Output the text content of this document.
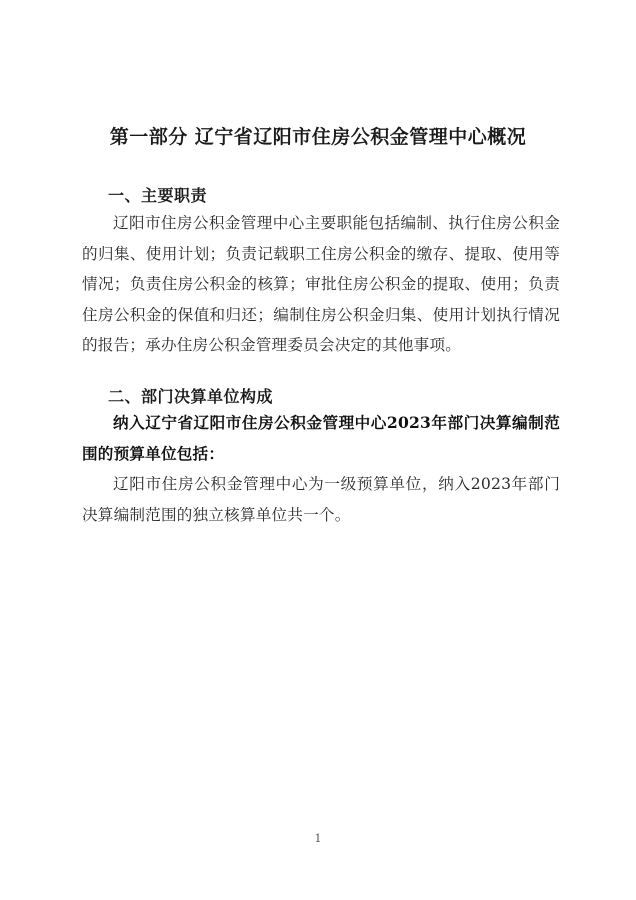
第一部分 辽宁省辽阳市住房公积金管理中心概况
一、主要职责

辽阳市住房公积金管理中心主要职能包括编制、执行住房公积金的归集、使用计划；负责记载职工住房公积金的缴存、提取、使用等情况；负责住房公积金的核算；审批住房公积金的提取、使用；负责住房公积金的保值和归还；编制住房公积金归集、使用计划执行情况的报告；承办住房公积金管理委员会决定的其他事项。

二、部门决算单位构成

纳入辽宁省辽阳市住房公积金管理中心2023年部门决算编制范围的预算单位包括：

辽阳市住房公积金管理中心为一级预算单位，纳入2023年部门决算编制范围的独立核算单位共一个。

1
